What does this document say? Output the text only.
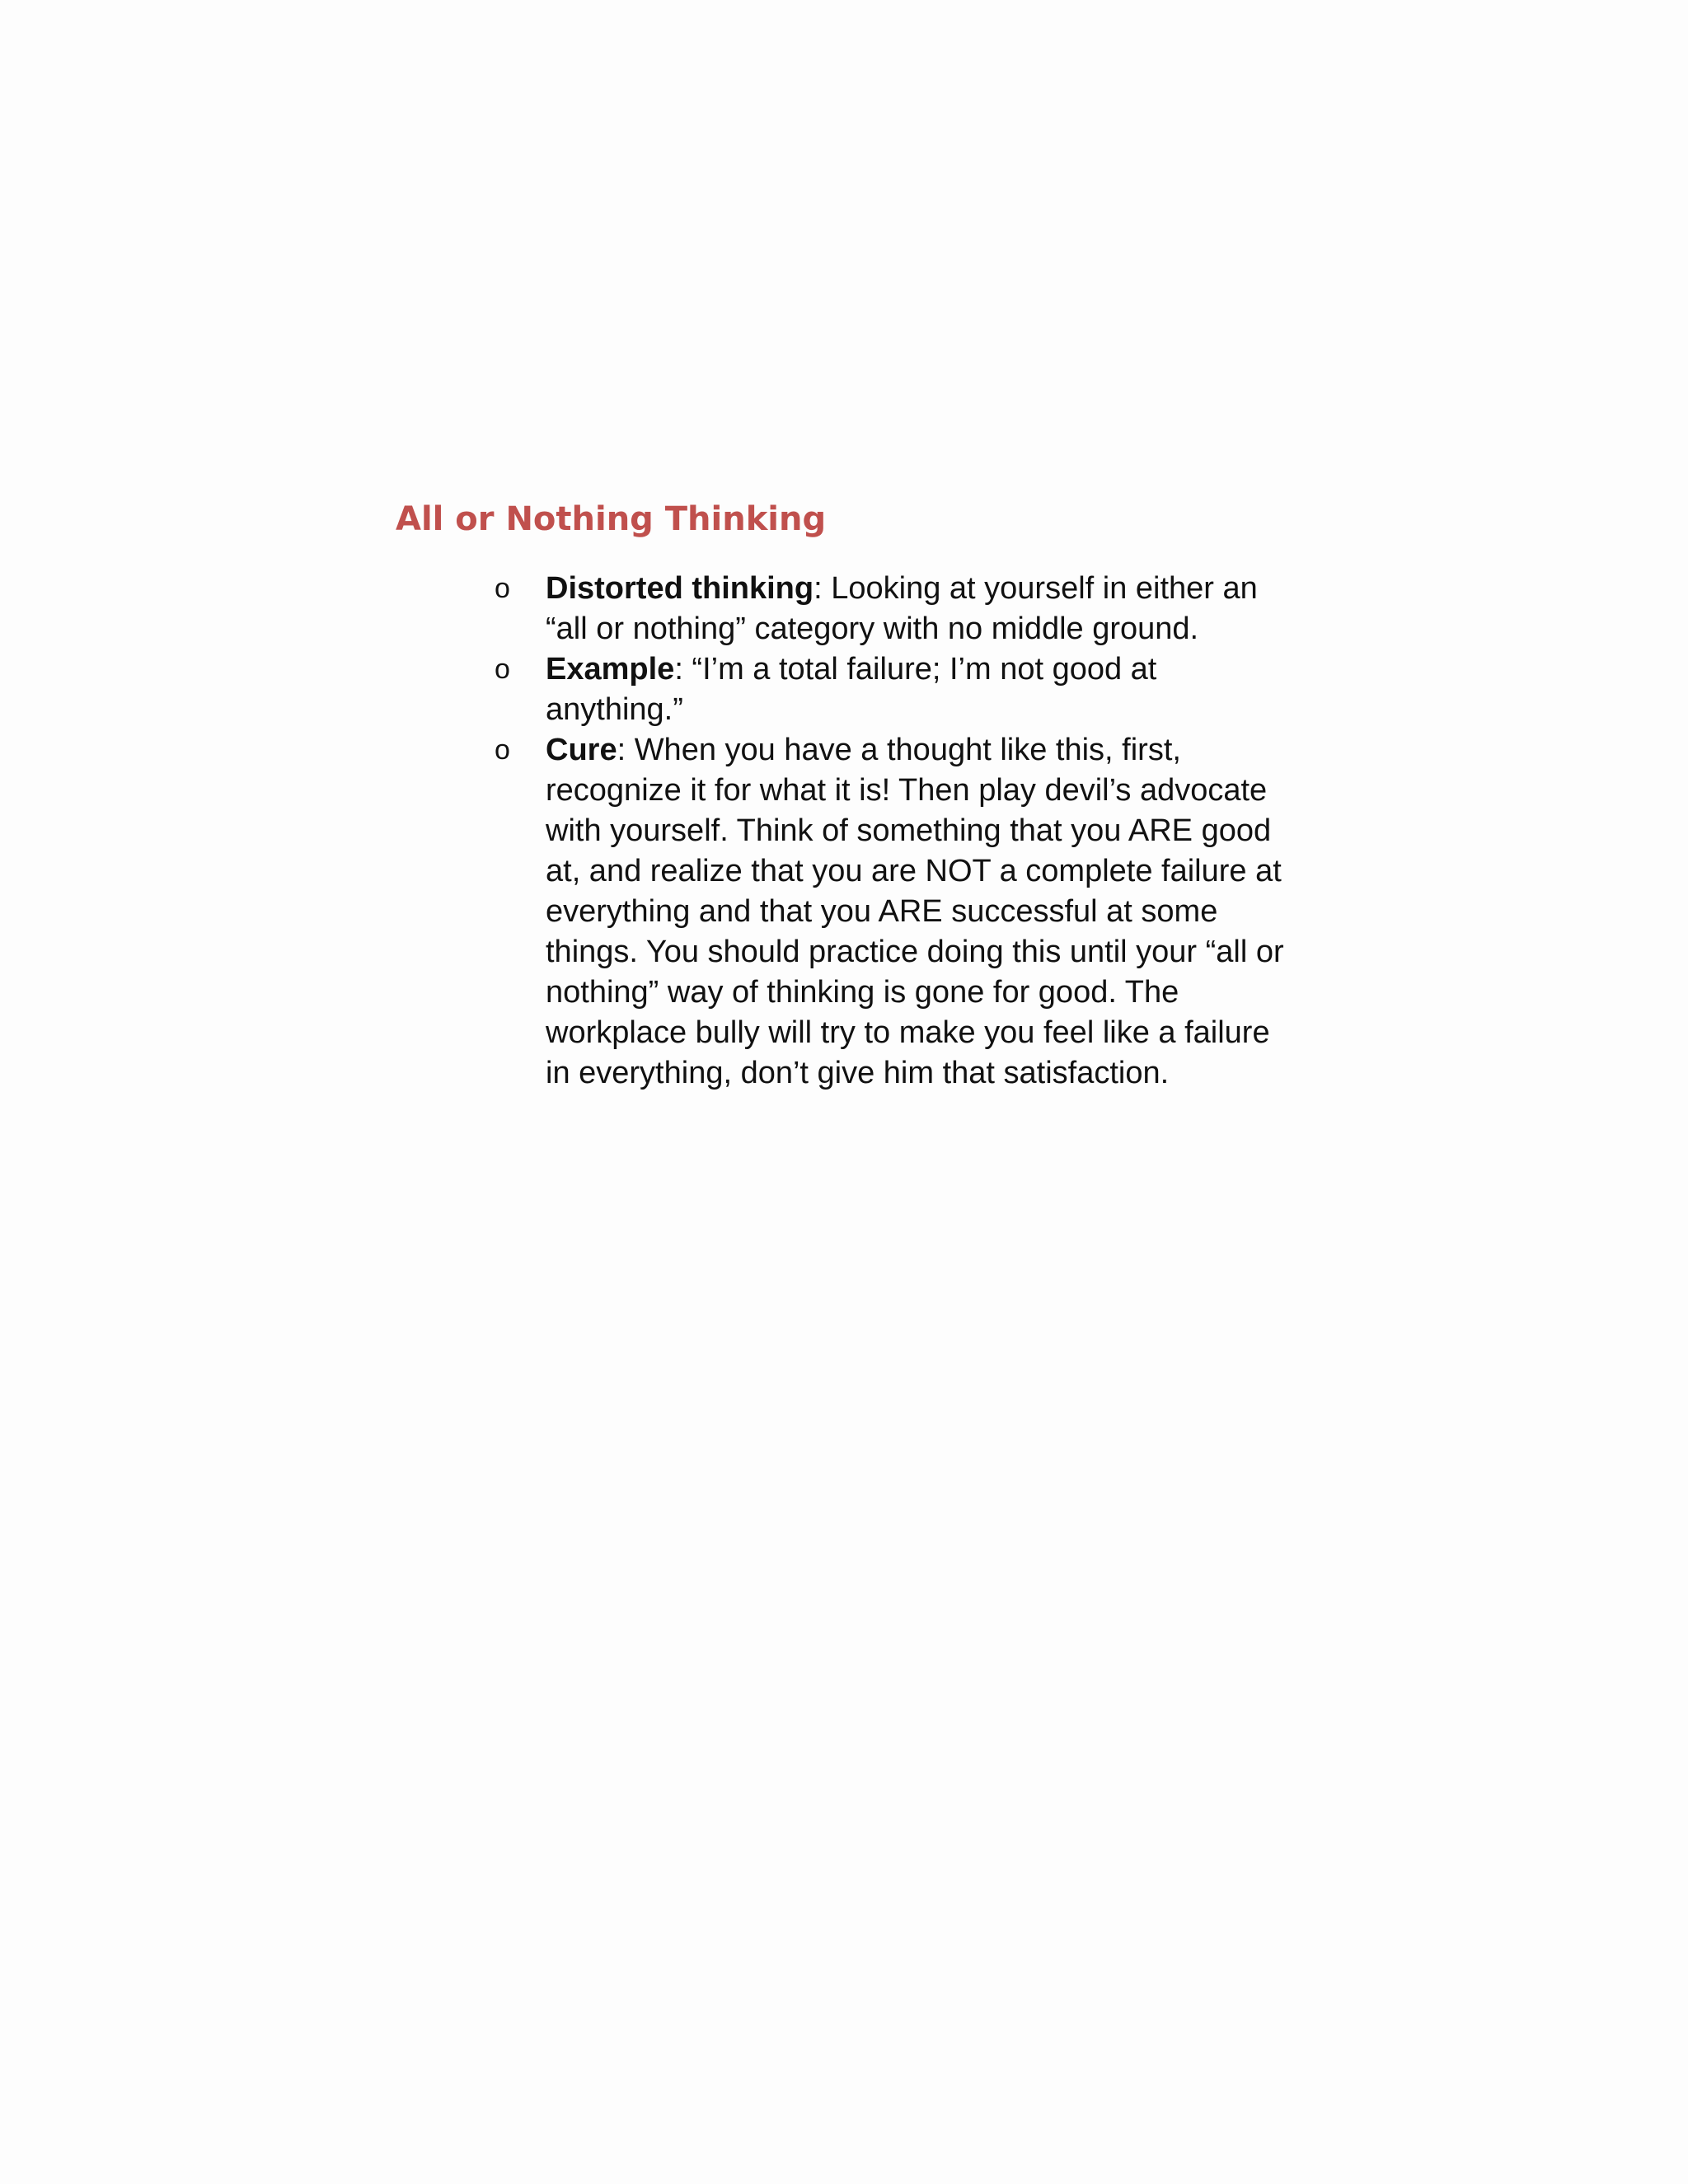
All or Nothing Thinking
o	Distorted thinking: Looking at yourself in either an “all or nothing” category with no middle ground.
o	Example: “I’m a total failure; I’m not good at anything.”
o	Cure: When you have a thought like this, first, recognize it for what it is! Then play devil’s advocate with yourself. Think of something that you ARE good at, and realize that you are NOT a complete failure at everything and that you ARE successful at some things. You should practice doing this until your “all or nothing” way of thinking is gone for good. The workplace bully will try to make you feel like a failure in everything, don’t give him that satisfaction.
